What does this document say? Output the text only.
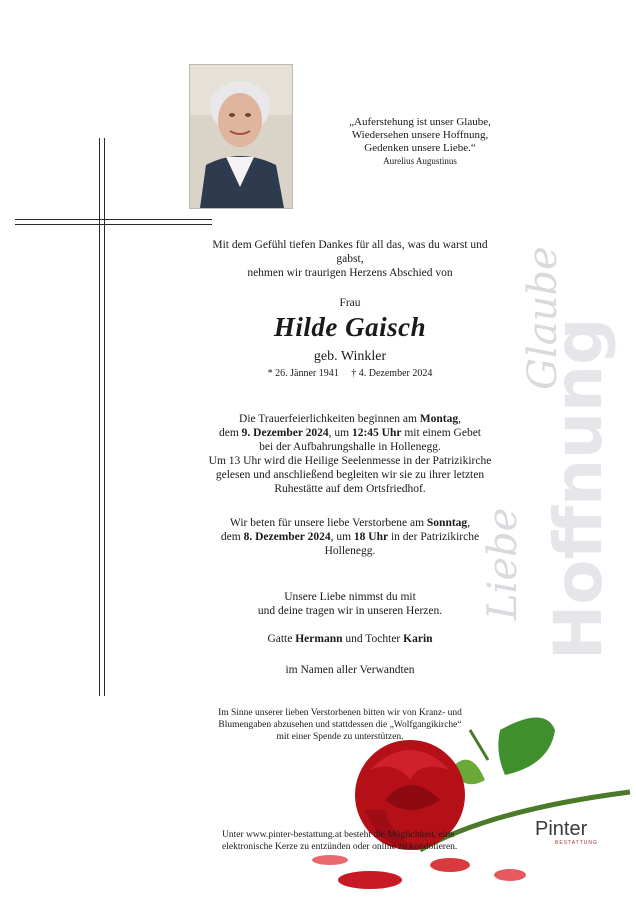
Hoffnung
Glaube
Liebe
„Auferstehung ist unser Glaube,
Wiedersehen unsere Hoffnung,
Gedenken unsere Liebe.“
Aurelius Augustinus
Mit dem Gefühl tiefen Dankes für all das, was du warst und
gabst,
nehmen wir traurigen Herzens Abschied von
Frau
Hilde Gaisch
geb. Winkler
* 26. Jänner 1941 † 4. Dezember 2024
Die Trauerfeierlichkeiten beginnen am Montag,
dem 9. Dezember 2024, um 12:45 Uhr mit einem Gebet
bei der Aufbahrungshalle in Hollenegg.
Um 13 Uhr wird die Heilige Seelenmesse in der Patrizikirche
gelesen und anschließend begleiten wir sie zu ihrer letzten
Ruhestätte auf dem Ortsfriedhof.
Wir beten für unsere liebe Verstorbene am Sonntag,
dem 8. Dezember 2024, um 18 Uhr in der Patrizikirche
Hollenegg.
Unsere Liebe nimmst du mit
und deine tragen wir in unseren Herzen.
Gatte Hermann und Tochter Karin
im Namen aller Verwandten
Im Sinne unserer lieben Verstorbenen bitten wir von Kranz- und
Blumengaben abzusehen und stattdessen die „Wolfgangikirche“
mit einer Spende zu unterstützen.
Unter www.pinter-bestattung.at besteht die Möglichkeit, eine
elektronische Kerze zu entzünden oder online zu kondolieren.
Pinter
BESTATTUNG
